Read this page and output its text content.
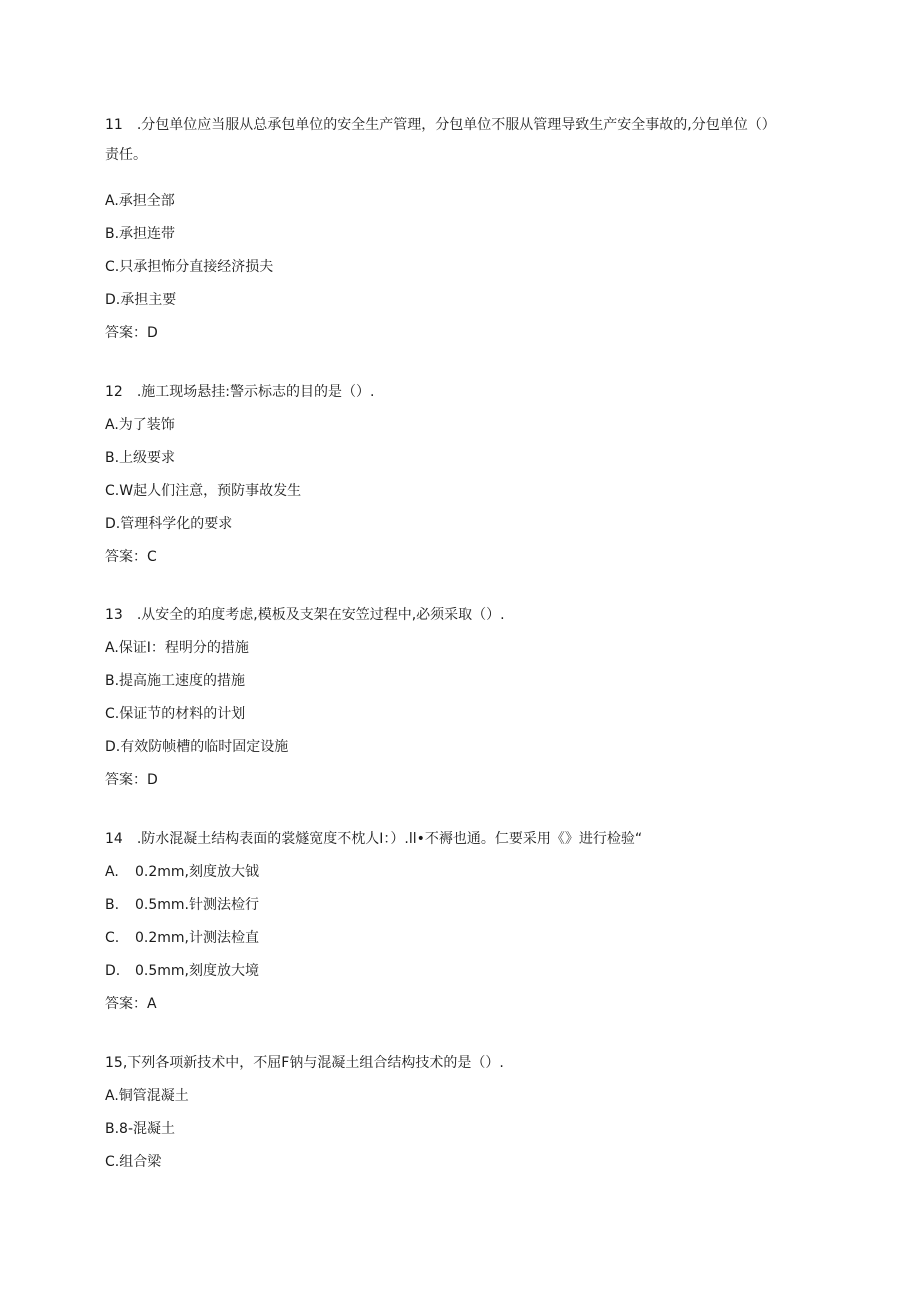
11　.分包单位应当服从总承包单位的安全生产管理，分包单位不服从管理导致生产安全事故的,分包单位（）
责任。
A.承担全部
B.承担连带
C.只承担怖分直接经济损夫
D.承担主要
答案：D
12　.施工现场悬挂:警示标志的目的是（）.
A.为了装饰
B.上级要求
C.W起人们注意，预防事故发生
D.管理科学化的要求
答案：C
13　.从安全的珀度考虑,模板及支架在安笠过程中,必须采取（）.
A.保证I：程明分的措施
B.提高施工速度的措施
C.保证节的材料的计划
D.有效防帧槽的临时固定设施
答案：D
14　.防水混凝土结构表面的裳燧宽度不枕人I：）.ll•不褥也通。仁要采用《》进行检验“
A. 0.2mm,刻度放大钺
B. 0.5mm.针测法检行
C. 0.2mm,计测法检直
D. 0.5mm,刻度放大境
答案：A
15,下列各项新技术中，不屈F钠与混凝土组合结构技术的是（）.
A.铜管混凝土
B.8-混凝土
C.组合梁
